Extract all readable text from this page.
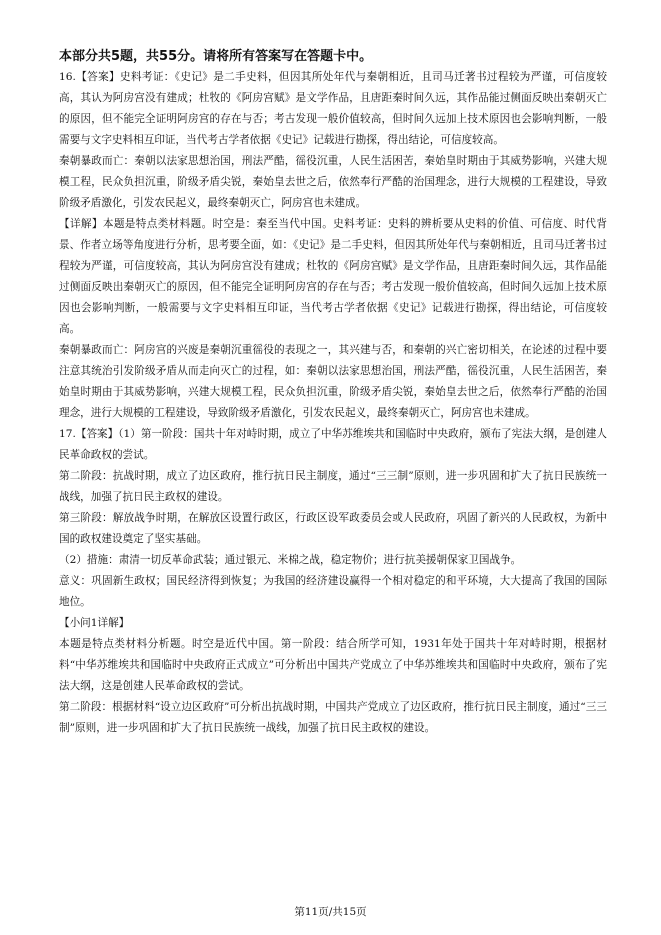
本部分共5题，共55分。请将所有答案写在答题卡中。

16.【答案】史料考证：《史记》是二手史料，但因其所处年代与秦朝相近，且司马迁著书过程较为严谨，可信度较高，其认为阿房宫没有建成；杜牧的《阿房宫赋》是文学作品，且唐距秦时间久远，其作品能过侧面反映出秦朝灭亡的原因，但不能完全证明阿房宫的存在与否；考古发现一般价值较高，但时间久远加上技术原因也会影响判断，一般需要与文字史料相互印证，当代考古学者依据《史记》记载进行勘探，得出结论，可信度较高。

秦朝暴政而亡：秦朝以法家思想治国，刑法严酷，徭役沉重，人民生活困苦，秦始皇时期由于其威势影响，兴建大规模工程，民众负担沉重，阶级矛盾尖锐，秦始皇去世之后，依然奉行严酷的治国理念，进行大规模的工程建设，导致阶级矛盾激化，引发农民起义，最终秦朝灭亡，阿房宫也未建成。

【详解】本题是特点类材料题。时空是：秦至当代中国。史料考证：史料的辨析要从史料的价值、可信度、时代背景、作者立场等角度进行分析，思考要全面，如：《史记》是二手史料，但因其所处年代与秦朝相近，且司马迁著书过程较为严谨，可信度较高，其认为阿房宫没有建成；杜牧的《阿房宫赋》是文学作品，且唐距秦时间久远，其作品能过侧面反映出秦朝灭亡的原因，但不能完全证明阿房宫的存在与否；考古发现一般价值较高，但时间久远加上技术原因也会影响判断，一般需要与文字史料相互印证，当代考古学者依据《史记》记载进行勘探，得出结论，可信度较高。

秦朝暴政而亡：阿房宫的兴废是秦朝沉重徭役的表现之一，其兴建与否，和秦朝的兴亡密切相关，在论述的过程中要注意其统治引发阶级矛盾从而走向灭亡的过程，如：秦朝以法家思想治国，刑法严酷，徭役沉重，人民生活困苦，秦始皇时期由于其威势影响，兴建大规模工程，民众负担沉重，阶级矛盾尖锐，秦始皇去世之后，依然奉行严酷的治国理念，进行大规模的工程建设，导致阶级矛盾激化，引发农民起义，最终秦朝灭亡，阿房宫也未建成。

17.【答案】（1）第一阶段：国共十年对峙时期，成立了中华苏维埃共和国临时中央政府，颁布了宪法大纲，是创建人民革命政权的尝试。

第二阶段：抗战时期，成立了边区政府，推行抗日民主制度，通过“三三制”原则，进一步巩固和扩大了抗日民族统一战线，加强了抗日民主政权的建设。

第三阶段：解放战争时期，在解放区设置行政区，行政区设军政委员会或人民政府，巩固了新兴的人民政权，为新中国的政权建设奠定了坚实基础。

（2）措施：肃清一切反革命武装；通过银元、米棉之战，稳定物价；进行抗美援朝保家卫国战争。

意义：巩固新生政权；国民经济得到恢复；为我国的经济建设赢得一个相对稳定的和平环境，大大提高了我国的国际地位。

【小问1详解】

本题是特点类材料分析题。时空是近代中国。第一阶段：结合所学可知，1931年处于国共十年对峙时期，根据材料“中华苏维埃共和国临时中央政府正式成立”可分析出中国共产党成立了中华苏维埃共和国临时中央政府，颁布了宪法大纲，这是创建人民革命政权的尝试。

第二阶段：根据材料“设立边区政府”可分析出抗战时期，中国共产党成立了边区政府，推行抗日民主制度，通过“三三制”原则，进一步巩固和扩大了抗日民族统一战线，加强了抗日民主政权的建设。

第11页/共15页
